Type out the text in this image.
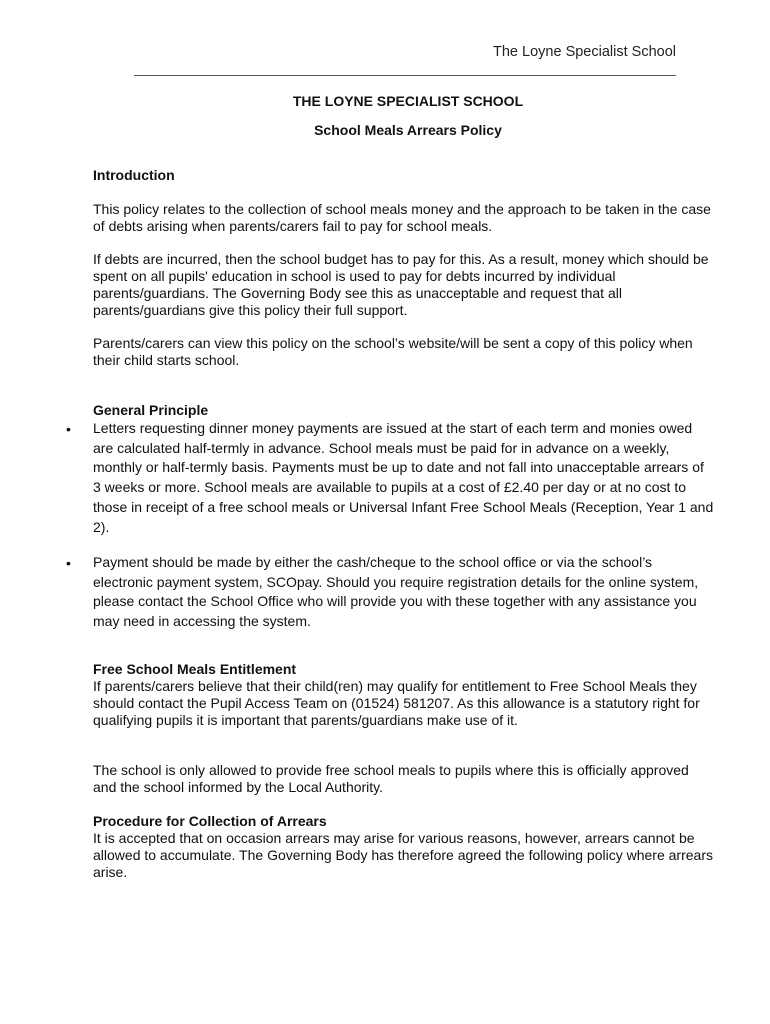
The Loyne Specialist School
THE LOYNE SPECIALIST SCHOOL
School Meals Arrears Policy
Introduction

This policy relates to the collection of school meals money and the approach to be taken in the case of debts arising when parents/carers fail to pay for school meals.

If debts are incurred, then the school budget has to pay for this. As a result, money which should be spent on all pupils' education in school is used to pay for debts incurred by individual parents/guardians. The Governing Body see this as unacceptable and request that all parents/guardians give this policy their full support.

Parents/carers can view this policy on the school’s website/will be sent a copy of this policy when their child starts school.

General Principle
• Letters requesting dinner money payments are issued at the start of each term and monies owed are calculated half-termly in advance. School meals must be paid for in advance on a weekly, monthly or half-termly basis. Payments must be up to date and not fall into unacceptable arrears of 3 weeks or more. School meals are available to pupils at a cost of £2.40 per day or at no cost to those in receipt of a free school meals or Universal Infant Free School Meals (Reception, Year 1 and 2).

• Payment should be made by either the cash/cheque to the school office or via the school’s electronic payment system, SCOpay. Should you require registration details for the online system, please contact the School Office who will provide you with these together with any assistance you may need in accessing the system.

Free School Meals Entitlement

If parents/carers believe that their child(ren) may qualify for entitlement to Free School Meals they should contact the Pupil Access Team on (01524) 581207. As this allowance is a statutory right for qualifying pupils it is important that parents/guardians make use of it.

The school is only allowed to provide free school meals to pupils where this is officially approved and the school informed by the Local Authority.

Procedure for Collection of Arrears

It is accepted that on occasion arrears may arise for various reasons, however, arrears cannot be allowed to accumulate. The Governing Body has therefore agreed the following policy where arrears arise.
